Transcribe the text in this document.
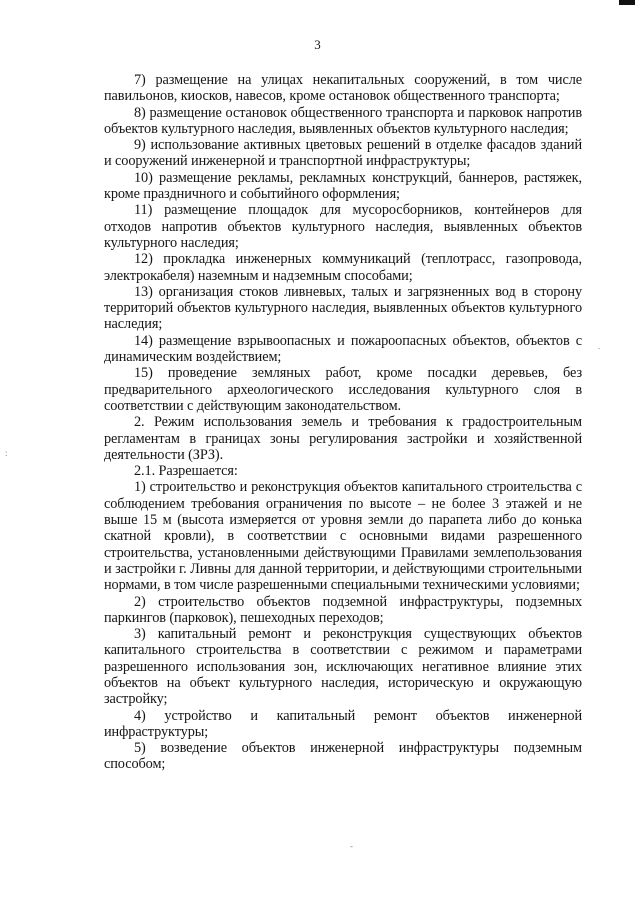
3

7) размещение на улицах некапитальных сооружений, в том числе павильонов, киосков, навесов, кроме остановок общественного транспорта;

8) размещение остановок общественного транспорта и парковок напротив объектов культурного наследия, выявленных объектов культурного наследия;

9) использование активных цветовых решений в отделке фасадов зданий и сооружений инженерной и транспортной инфраструктуры;

10) размещение рекламы, рекламных конструкций, баннеров, растяжек, кроме праздничного и событийного оформления;

11) размещение площадок для мусоросборников, контейнеров для отходов напротив объектов культурного наследия, выявленных объектов культурного наследия;

12) прокладка инженерных коммуникаций (теплотрасс, газопровода, электрокабеля) наземным и надземным способами;

13) организация стоков ливневых, талых и загрязненных вод в сторону территорий объектов культурного наследия, выявленных объектов культурного наследия;

14) размещение взрывоопасных и пожароопасных объектов, объектов с динамическим воздействием;

15) проведение земляных работ, кроме посадки деревьев, без предварительного археологического исследования культурного слоя в соответствии с действующим законодательством.

2. Режим использования земель и требования к градостроительным регламентам в границах зоны регулирования застройки и хозяйственной деятельности (ЗРЗ).

2.1. Разрешается:

1) строительство и реконструкция объектов капитального строительства с соблюдением требования ограничения по высоте – не более 3 этажей и не выше 15 м (высота измеряется от уровня земли до парапета либо до конька скатной кровли), в соответствии с основными видами разрешенного строительства, установленными действующими Правилами землепользования и застройки г. Ливны для данной территории, и действующими строительными нормами, в том числе разрешенными специальными техническими условиями;

2) строительство объектов подземной инфраструктуры, подземных паркингов (парковок), пешеходных переходов;

3) капитальный ремонт и реконструкция существующих объектов капитального строительства в соответствии с режимом и параметрами разрешенного использования зон, исключающих негативное влияние этих объектов на объект культурного наследия, историческую и окружающую застройку;

4) устройство и капитальный ремонт объектов инженерной инфраструктуры;

5) возведение объектов инженерной инфраструктуры подземным способом;

:
.
-
